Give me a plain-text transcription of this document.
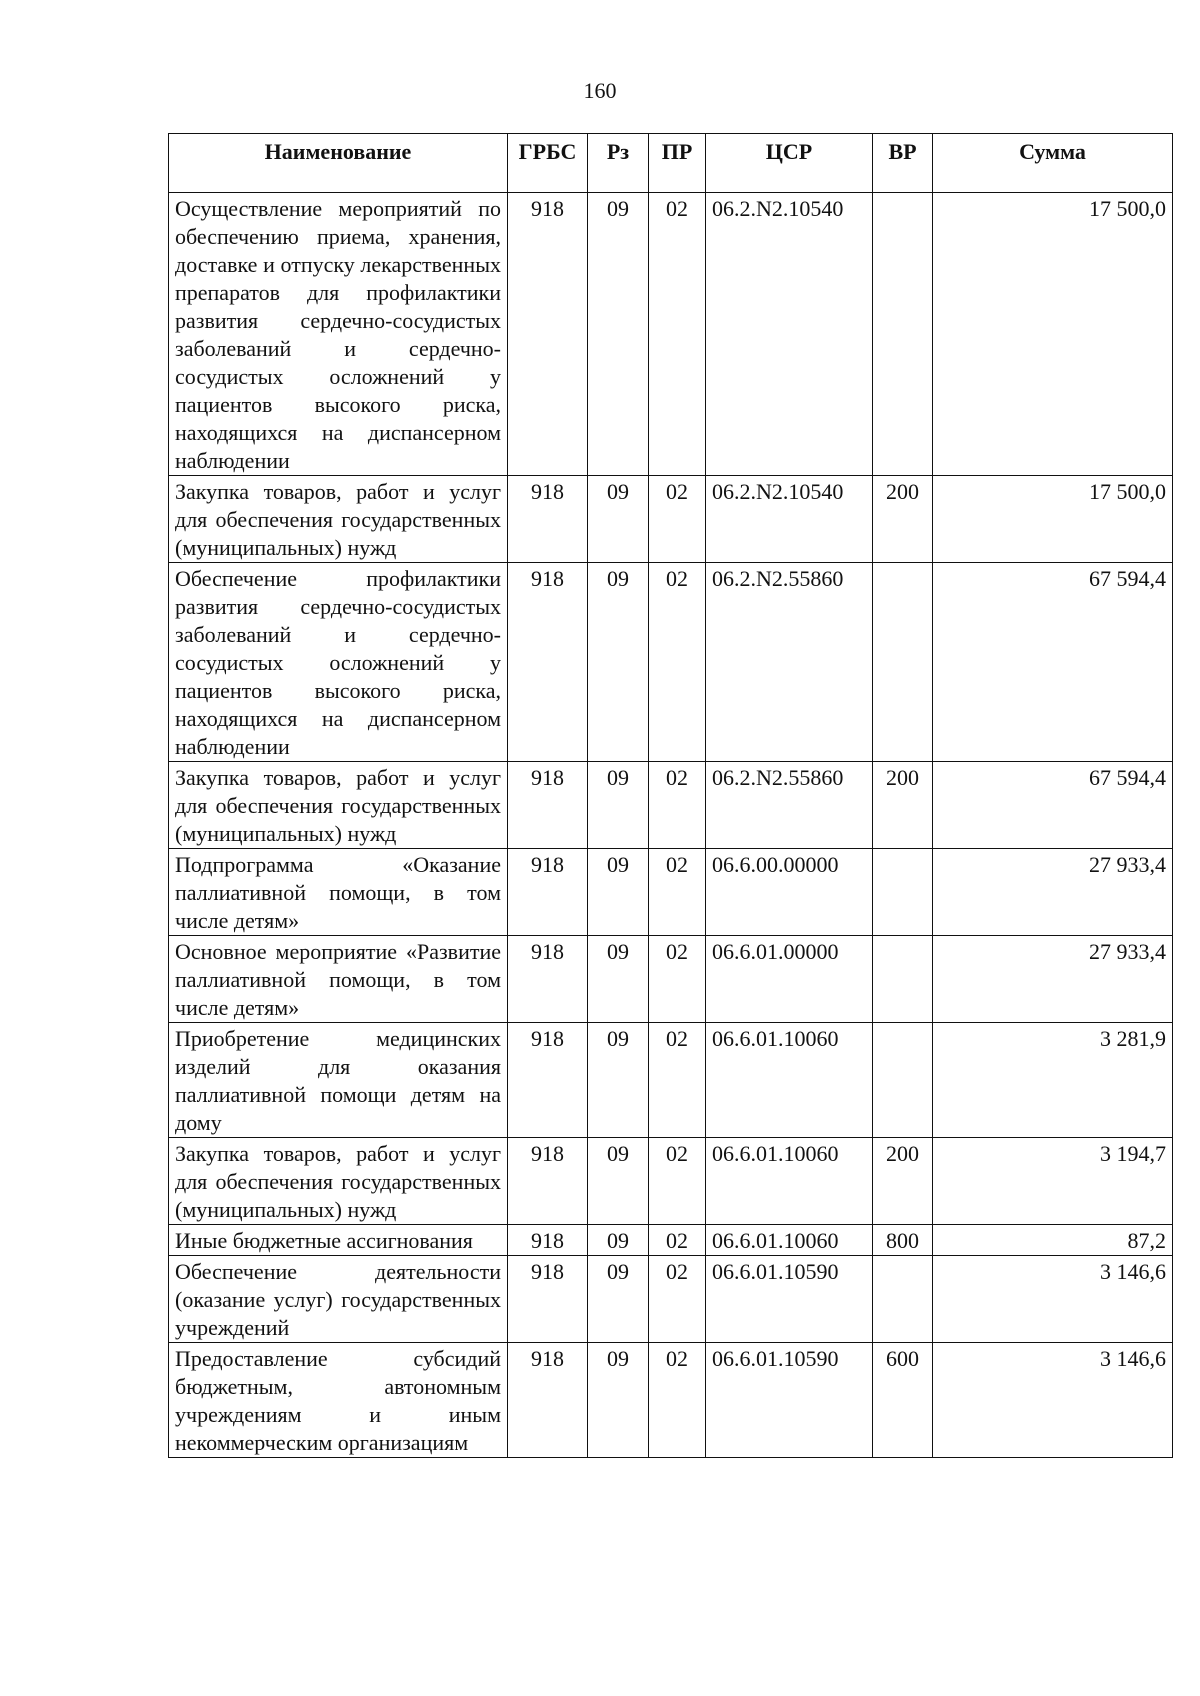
160
Наименование	ГРБС	Рз	ПР	ЦСР	ВР	Сумма
Осуществление мероприятий по обеспечению приема, хранения, доставке и отпуску лекарственных препаратов для профилактики развития сердечно-сосудистых заболеваний и сердечно-сосудистых осложнений у пациентов высокого риска, находящихся на диспансерном наблюдении	918	09	02	06.2.N2.10540		17 500,0
Закупка товаров, работ и услуг для обеспечения государственных (муниципальных) нужд	918	09	02	06.2.N2.10540	200	17 500,0
Обеспечение профилактики развития сердечно-сосудистых заболеваний и сердечно-сосудистых осложнений у пациентов высокого риска, находящихся на диспансерном наблюдении	918	09	02	06.2.N2.55860		67 594,4
Закупка товаров, работ и услуг для обеспечения государственных (муниципальных) нужд	918	09	02	06.2.N2.55860	200	67 594,4
Подпрограмма «Оказание паллиативной помощи, в том числе детям»	918	09	02	06.6.00.00000		27 933,4
Основное мероприятие «Развитие паллиативной помощи, в том числе детям»	918	09	02	06.6.01.00000		27 933,4
Приобретение медицинских изделий для оказания паллиативной помощи детям на дому	918	09	02	06.6.01.10060		3 281,9
Закупка товаров, работ и услуг для обеспечения государственных (муниципальных) нужд	918	09	02	06.6.01.10060	200	3 194,7
Иные бюджетные ассигнования	918	09	02	06.6.01.10060	800	87,2
Обеспечение деятельности (оказание услуг) государственных учреждений	918	09	02	06.6.01.10590		3 146,6
Предоставление субсидий бюджетным, автономным учреждениям и иным некоммерческим организациям	918	09	02	06.6.01.10590	600	3 146,6
